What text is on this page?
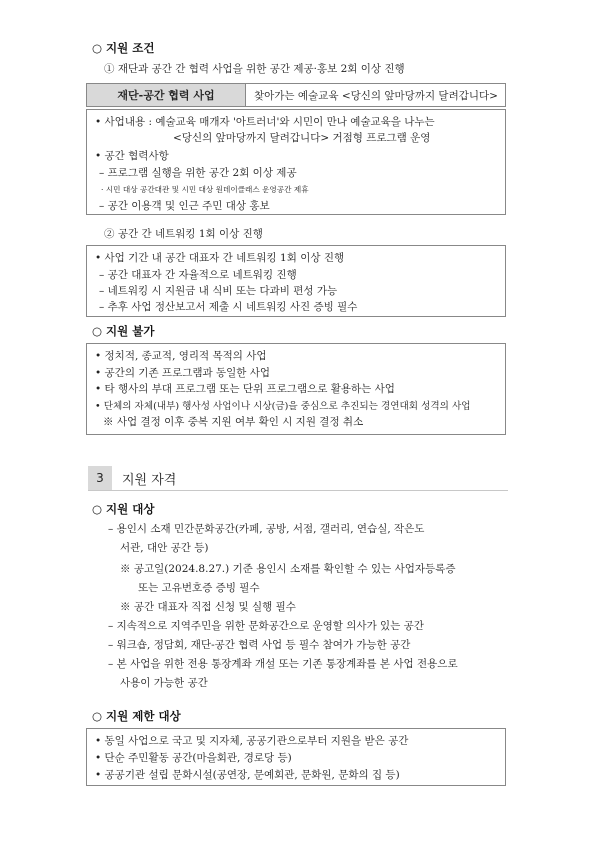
○ 지원 조건
① 재단과 공간 간 협력 사업을 위한 공간 제공·홍보 2회 이상 진행
재단-공간 협력 사업	찾아가는 예술교육 <당신의 앞마당까지 달려갑니다>
• 사업내용 : 예술교육 매개자 '아트러너'와 시민이 만나 예술교육을 나누는
<당신의 앞마당까지 달려갑니다> 거점형 프로그램 운영
• 공간 협력사항
– 프로그램 실행을 위한 공간 2회 이상 제공
· 시민 대상 공간대관 및 시민 대상 원데이클래스 운영공간 제휴
– 공간 이용객 및 인근 주민 대상 홍보
② 공간 간 네트워킹 1회 이상 진행
• 사업 기간 내 공간 대표자 간 네트워킹 1회 이상 진행
– 공간 대표자 간 자율적으로 네트워킹 진행
– 네트워킹 시 지원금 내 식비 또는 다과비 편성 가능
– 추후 사업 정산보고서 제출 시 네트워킹 사진 증빙 필수
○ 지원 불가
• 정치적, 종교적, 영리적 목적의 사업
• 공간의 기존 프로그램과 동일한 사업
• 타 행사의 부대 프로그램 또는 단위 프로그램으로 활용하는 사업
• 단체의 자체(내부) 행사성 사업이나 시상(금)을 중심으로 추진되는 경연대회 성격의 사업
※ 사업 결정 이후 중복 지원 여부 확인 시 지원 결정 취소
3	지원 자격
○ 지원 대상
– 용인시 소재 민간문화공간(카페, 공방, 서점, 갤러리, 연습실, 작은도
서관, 대안 공간 등)
※ 공고일(2024.8.27.) 기준 용인시 소재를 확인할 수 있는 사업자등록증
또는 고유번호증 증빙 필수
※ 공간 대표자 직접 신청 및 실행 필수
– 지속적으로 지역주민을 위한 문화공간으로 운영할 의사가 있는 공간
– 워크숍, 정담회, 재단-공간 협력 사업 등 필수 참여가 가능한 공간
– 본 사업을 위한 전용 통장계좌 개설 또는 기존 통장계좌를 본 사업 전용으로
사용이 가능한 공간
○ 지원 제한 대상
• 동일 사업으로 국고 및 지자체, 공공기관으로부터 지원을 받은 공간
• 단순 주민활동 공간(마을회관, 경로당 등)
• 공공기관 설립 문화시설(공연장, 문예회관, 문화원, 문화의 집 등)
